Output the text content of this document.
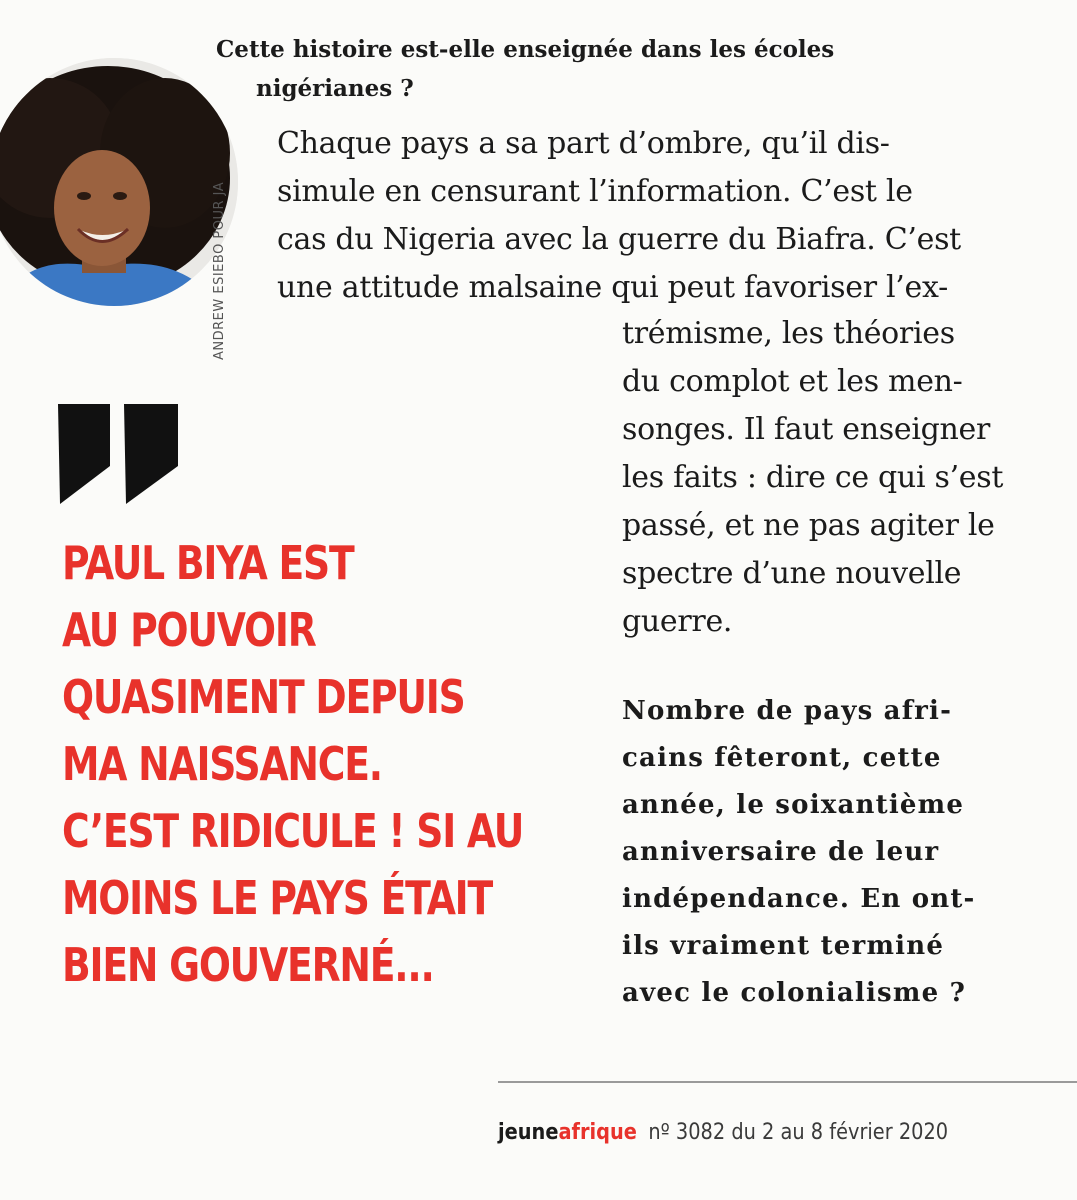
ANDREW ESIEBO POUR JA

Cette histoire est-elle enseignée dans les écoles
nigérianes ?

Chaque pays a sa part d’ombre, qu’il dis-
simule en censurant l’information. C’est le
cas du Nigeria avec la guerre du Biafra. C’est
une attitude malsaine qui peut favoriser l’ex-

trémisme, les théories
du complot et les men-
songes. Il faut enseigner
les faits : dire ce qui s’est
passé, et ne pas agiter le
spectre d’une nouvelle
guerre.

PAUL BIYA EST
AU POUVOIR
QUASIMENT DEPUIS
MA NAISSANCE.
C’EST RIDICULE ! SI AU
MOINS LE PAYS ÉTAIT
BIEN GOUVERNÉ...

Nombre de pays afri-
cains fêteront, cette
année, le soixantième
anniversaire de leur
indépendance. En ont-
ils vraiment terminé
avec le colonialisme ?

jeuneafrique nº 3082 du 2 au 8 février 2020
